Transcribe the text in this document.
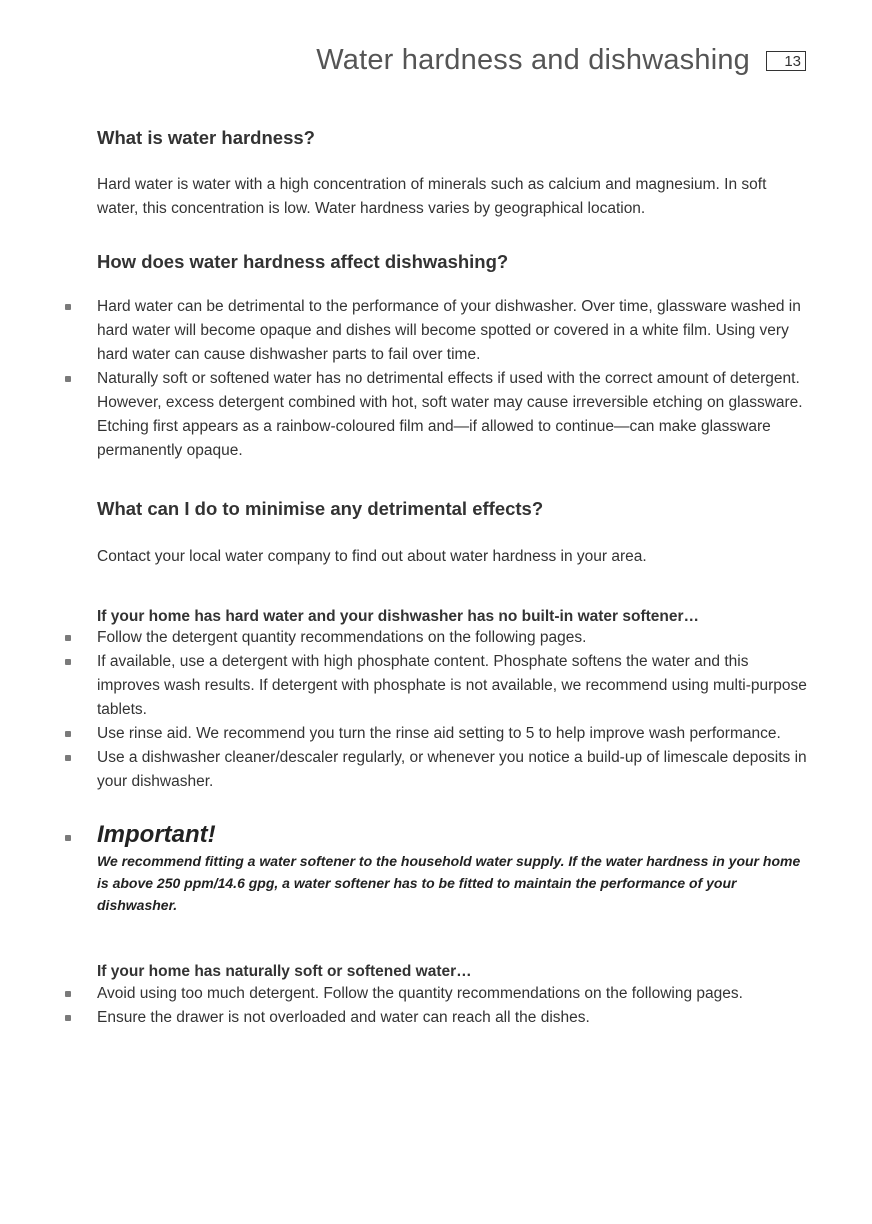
Water hardness and dishwashing	13
What is water hardness?
Hard water is water with a high concentration of minerals such as calcium and magnesium. In soft water, this concentration is low. Water hardness varies by geographical location.
How does water hardness affect dishwashing?
Hard water can be detrimental to the performance of your dishwasher. Over time, glassware washed in hard water will become opaque and dishes will become spotted or covered in a white film. Using very hard water can cause dishwasher parts to fail over time.
Naturally soft or softened water has no detrimental effects if used with the correct amount of detergent. However, excess detergent combined with hot, soft water may cause irreversible etching on glassware. Etching first appears as a rainbow-coloured film and—if allowed to continue—can make glassware permanently opaque.
What can I do to minimise any detrimental effects?
Contact your local water company to find out about water hardness in your area.
If your home has hard water and your dishwasher has no built-in water softener…
Follow the detergent quantity recommendations on the following pages.
If available, use a detergent with high phosphate content. Phosphate softens the water and this improves wash results. If detergent with phosphate is not available, we recommend using multi-purpose tablets.
Use rinse aid. We recommend you turn the rinse aid setting to 5 to help improve wash performance.
Use a dishwasher cleaner/descaler regularly, or whenever you notice a build-up of limescale deposits in your dishwasher.
Important!
We recommend fitting a water softener to the household water supply. If the water hardness in your home is above 250 ppm/14.6 gpg, a water softener has to be fitted to maintain the performance of your dishwasher.
If your home has naturally soft or softened water…
Avoid using too much detergent. Follow the quantity recommendations on the following pages.
Ensure the drawer is not overloaded and water can reach all the dishes.
